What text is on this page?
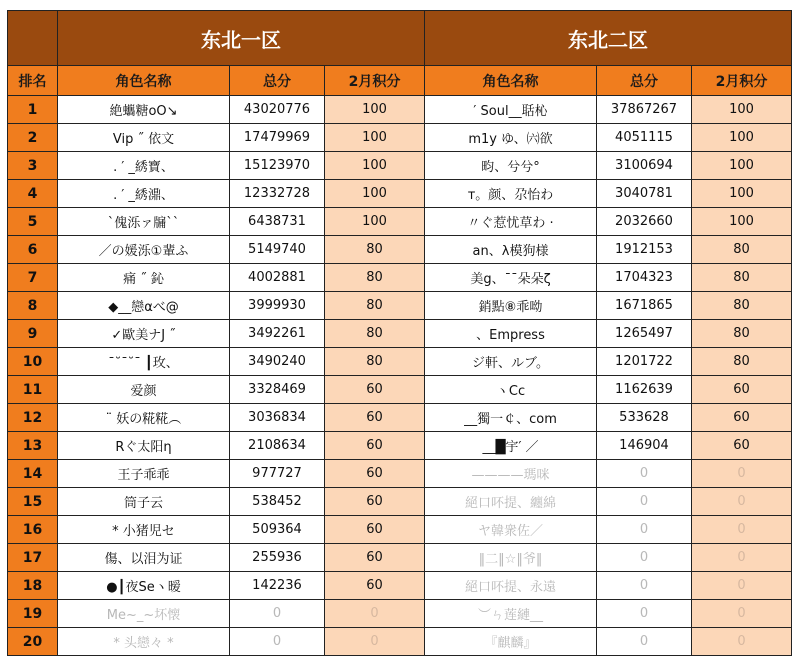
	东北一区			东北二区		
排名	角色名称	总分	2月积分	角色名称	总分	2月积分
1	絶蠵糖oO↘	43020776	100	′ Soul__聒杺	37867267	100
2	Vip ˝ 依文	17479969	100	m1y ゆ、㈥欲	4051115	100
3	. ′ _綉寶、	15123970	100	畇、兮兮°	3100694	100
4	. ′ _綉濎、	12332728	100	т。颜、尕怡わ	3040781	100
5	`傀泺ァ牖``	6438731	100	〃ぐ惹忧草わ ·	2032660	100
6	／の媛泺①輩ふ	5149740	80	an、λ模狗様	1912153	80
7	痛 ˝ 鈊	4002881	80	美g、¯¯朵朵ζ	1704323	80
8	◆__戀αべ@	3999930	80	銷點⑧乖呦	1671865	80
9	✓歐美ナJ ˝	3492261	80	、Empress	1265497	80
10	¯˘¯˘¯ ┃玫、	3490240	80	ジ軒、ルブ。	1201722	80
11	爱颜	3328469	60	ヽCc	1162639	60
12	¨ 妖の糀糀︵	3036834	60	__獨一￠、com	533628	60
13	Rぐ太阳η	2108634	60	__█宇′ ／	146904	60
14	王子乖乖	977727	60	————瑪咪	0	0
15	筒子云	538452	60	絕口吥提、纏綿	0	0
16	* 小猪児セ	509364	60	ヤ韓衆佐／	0	0
17	傷、以泪为证	255936	60	‖二‖☆‖爷‖	0	0
18	●┃夜Seヽ暧	142236	60	絕口吥提、永遠	0	0
19	Me~_~坏懐	0	0	︶ㄣ莲縺__	0	0
20	* 头戀々 *	0	0	『麒麟』	0	0
